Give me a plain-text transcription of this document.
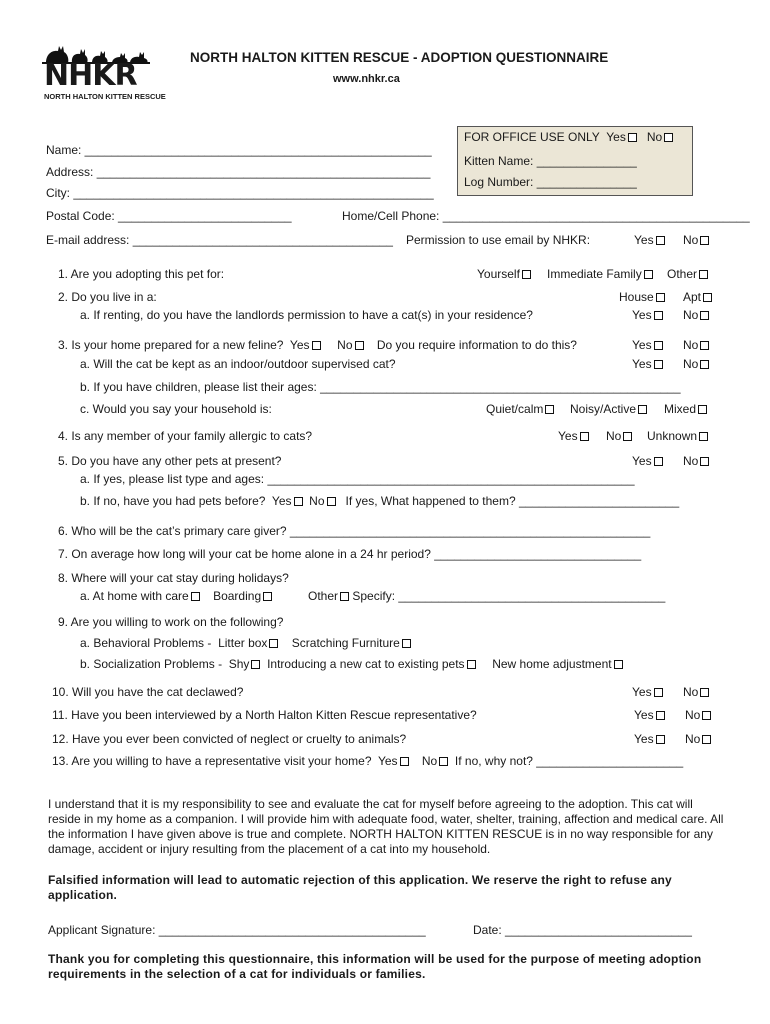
NHKR
NORTH HALTON KITTEN RESCUE
NORTH HALTON KITTEN RESCUE - ADOPTION QUESTIONNAIRE
www.nhkr.ca
FOR OFFICE USE ONLY Yes No
Kitten Name: _______________
Log Number: _______________
Name: ____________________________________________________
Address: __________________________________________________
City: ______________________________________________________
Postal Code: __________________________	Home/Cell Phone: ______________________________________________
E-mail address: _______________________________________ Permission to use email by NHKR:	Yes	No
1. Are you adopting this pet for:	Yourself	Immediate Family	Other
2. Do you live in a:	House	Apt
a. If renting, do you have the landlords permission to have a cat(s) in your residence?	Yes	No
3. Is your home prepared for a new feline? Yes No Do you require information to do this?	Yes	No
a. Will the cat be kept as an indoor/outdoor supervised cat?	Yes	No
b. If you have children, please list their ages: ______________________________________________________
c. Would you say your household is:	Quiet/calm	Noisy/Active	Mixed
4. Is any member of your family allergic to cats?	Yes	No	Unknown
5. Do you have any other pets at present?	Yes	No
a. If yes, please list type and ages: _______________________________________________________
b. If no, have you had pets before? Yes No If yes, What happened to them? ________________________
6. Who will be the cat’s primary care giver? ______________________________________________________
7. On average how long will your cat be home alone in a 24 hr period? _______________________________
8. Where will your cat stay during holidays?
a. At home with care Boarding	Other Specify: ________________________________________
9. Are you willing to work on the following?
a. Behavioral Problems - Litter box Scratching Furniture
b. Socialization Problems - Shy Introducing a new cat to existing pets New home adjustment
10. Will you have the cat declawed?	Yes	No
11. Have you been interviewed by a North Halton Kitten Rescue representative?	Yes	No
12. Have you ever been convicted of neglect or cruelty to animals?	Yes	No
13. Are you willing to have a representative visit your home? Yes No If no, why not? ______________________
I understand that it is my responsibility to see and evaluate the cat for myself before agreeing to the adoption. This cat will reside in my home as a companion. I will provide him with adequate food, water, shelter, training, affection and medical care. All the information I have given above is true and complete. NORTH HALTON KITTEN RESCUE is in no way responsible for any damage, accident or injury resulting from the placement of a cat into my household.
Falsified information will lead to automatic rejection of this application. We reserve the right to refuse any application.
Applicant Signature: ________________________________________	Date: ____________________________
Thank you for completing this questionnaire, this information will be used for the purpose of meeting adoption requirements in the selection of a cat for individuals or families.
